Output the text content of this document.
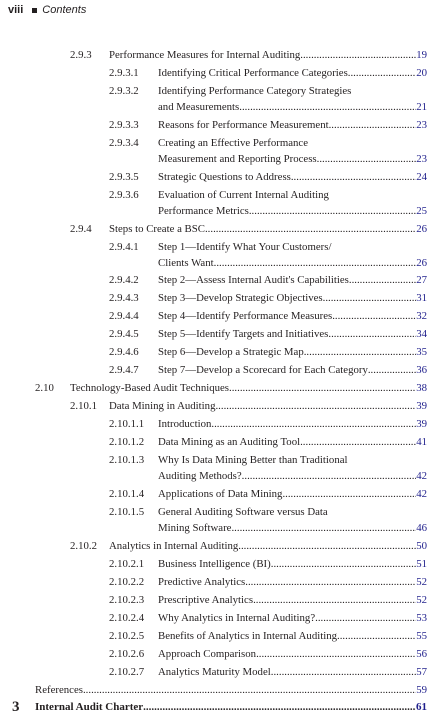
viii Contents
2.9.3 Performance Measures for Internal Auditing .....	19
2.9.3.1 Identifying Critical Performance Categories .....	20
2.9.3.2 Identifying Performance Category Strategies
and Measurements .....	21
2.9.3.3 Reasons for Performance Measurement .....	23
2.9.3.4 Creating an Effective Performance
Measurement and Reporting Process .....	23
2.9.3.5 Strategic Questions to Address .....	24
2.9.3.6 Evaluation of Current Internal Auditing
Performance Metrics .....	25
2.9.4 Steps to Create a BSC .....	26
2.9.4.1 Step 1—Identify What Your Customers/
Clients Want .....	26
2.9.4.2 Step 2—Assess Internal Audit's Capabilities .....	27
2.9.4.3 Step 3—Develop Strategic Objectives .....	31
2.9.4.4 Step 4—Identify Performance Measures .....	32
2.9.4.5 Step 5—Identify Targets and Initiatives .....	34
2.9.4.6 Step 6—Develop a Strategic Map .....	35
2.9.4.7 Step 7—Develop a Scorecard for Each Category .....	36
2.10 Technology-Based Audit Techniques .....	38
2.10.1 Data Mining in Auditing .....	39
2.10.1.1 Introduction .....	39
2.10.1.2 Data Mining as an Auditing Tool .....	41
2.10.1.3 Why Is Data Mining Better than Traditional
Auditing Methods? .....	42
2.10.1.4 Applications of Data Mining .....	42
2.10.1.5 General Auditing Software versus Data
Mining Software .....	46
2.10.2 Analytics in Internal Auditing .....	50
2.10.2.1 Business Intelligence (BI) .....	51
2.10.2.2 Predictive Analytics .....	52
2.10.2.3 Prescriptive Analytics .....	52
2.10.2.4 Why Analytics in Internal Auditing? .....	53
2.10.2.5 Benefits of Analytics in Internal Auditing .....	55
2.10.2.6 Approach Comparison .....	56
2.10.2.7 Analytics Maturity Model .....	57
References .....	59
3 Internal Audit Charter .....	61
